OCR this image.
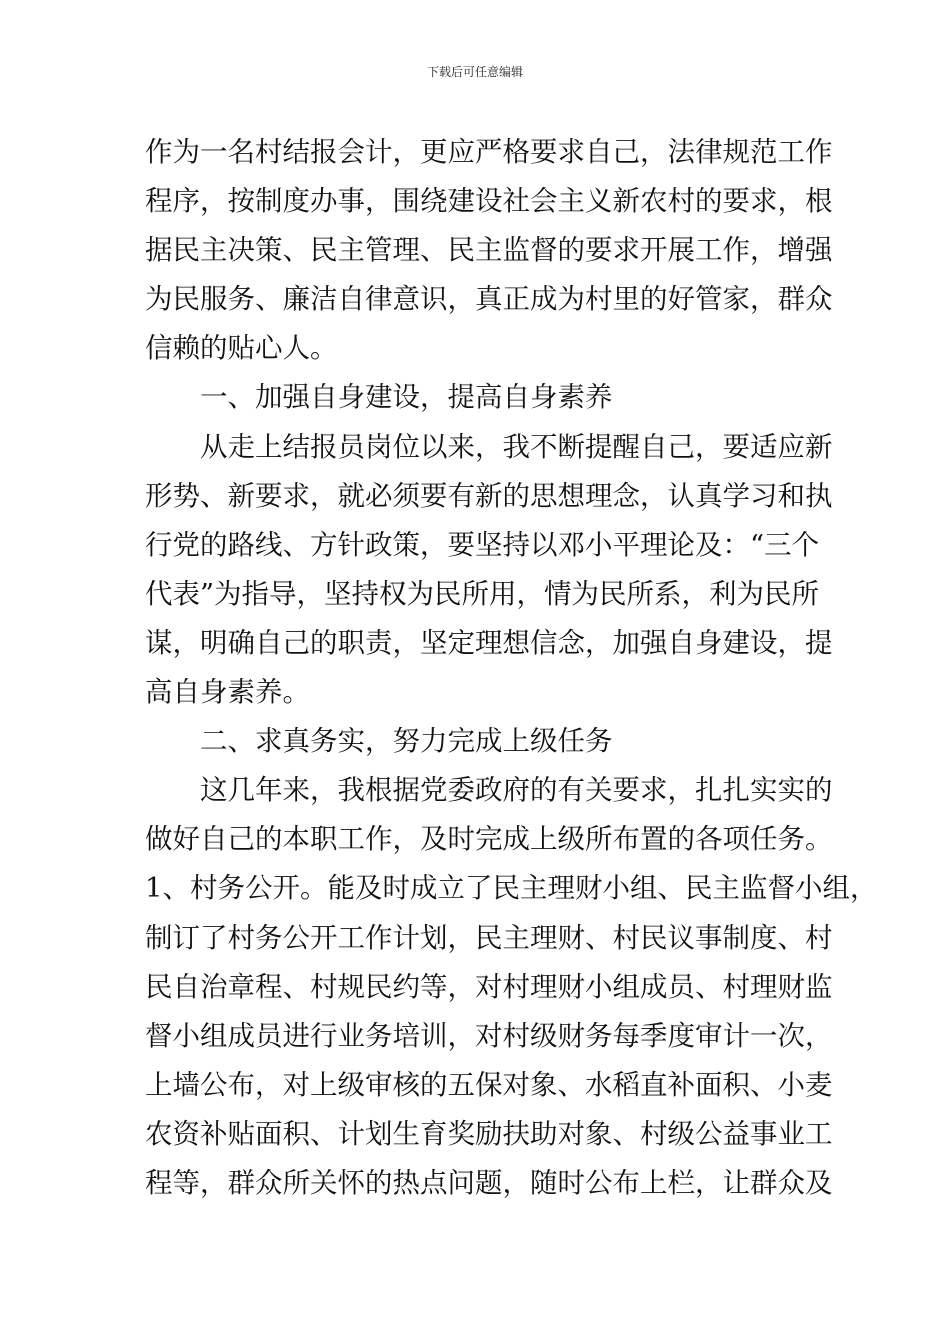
下载后可任意编辑
作为一名村结报会计，更应严格要求自己，法律规范工作
程序，按制度办事，围绕建设社会主义新农村的要求，根
据民主决策、民主管理、民主监督的要求开展工作，增强
为民服务、廉洁自律意识，真正成为村里的好管家，群众
信赖的贴心人。
一、加强自身建设，提高自身素养
从走上结报员岗位以来，我不断提醒自己，要适应新
形势、新要求，就必须要有新的思想理念，认真学习和执
行党的路线、方针政策，要坚持以邓小平理论及：“三个
代表”为指导，坚持权为民所用，情为民所系，利为民所
谋，明确自己的职责，坚定理想信念，加强自身建设，提
高自身素养。
二、求真务实，努力完成上级任务
这几年来，我根据党委政府的有关要求，扎扎实实的
做好自己的本职工作，及时完成上级所布置的各项任务。
1、村务公开。能及时成立了民主理财小组、民主监督小组，
制订了村务公开工作计划，民主理财、村民议事制度、村
民自治章程、村规民约等，对村理财小组成员、村理财监
督小组成员进行业务培训，对村级财务每季度审计一次，
上墙公布，对上级审核的五保对象、水稻直补面积、小麦
农资补贴面积、计划生育奖励扶助对象、村级公益事业工
程等，群众所关怀的热点问题，随时公布上栏，让群众及
